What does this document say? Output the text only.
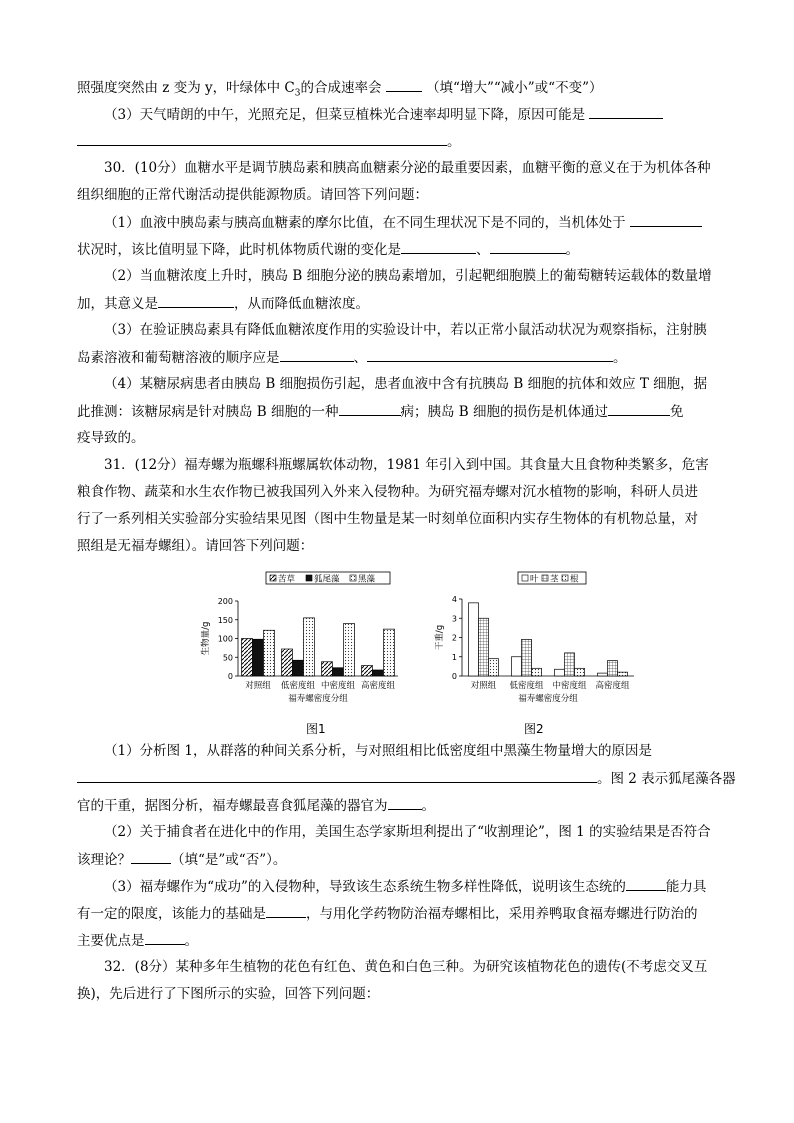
照强度突然由 z 变为 y，叶绿体中 $C_3$的合成速率会	（填“增大”“减小”或“不变”）
（3）天气晴朗的中午，光照充足，但菜豆植株光合速率却明显下降，原因可能是
。
30．(10分）血糖水平是调节胰岛素和胰高血糖素分泌的最重要因素，血糖平衡的意义在于为机体各种
组织细胞的正常代谢活动提供能源物质。请回答下列问题：
（1）血液中胰岛素与胰高血糖素的摩尔比值，在不同生理状况下是不同的，当机体处于
状况时，该比值明显下降，此时机体物质代谢的变化是	、	。
（2）当血糖浓度上升时，胰岛 B 细胞分泌的胰岛素增加，引起靶细胞膜上的葡萄糖转运载体的数量增
加，其意义是	，从而降低血糖浓度。
（3）在验证胰岛素具有降低血糖浓度作用的实验设计中，若以正常小鼠活动状况为观察指标，注射胰
岛素溶液和葡萄糖溶液的顺序应是	、	。
（4）某糖尿病患者由胰岛 B 细胞损伤引起，患者血液中含有抗胰岛 B 细胞的抗体和效应 T 细胞，据
此推测：该糖尿病是针对胰岛 B 细胞的一种	病；胰岛 B 细胞的损伤是机体通过	免
疫导致的。
31．(12分）福寿螺为瓶螺科瓶螺属软体动物，1981 年引入到中国。其食量大且食物种类繁多，危害
粮食作物、蔬菜和水生农作物已被我国列入外来入侵物种。为研究福寿螺对沉水植物的影响，科研人员进
行了一系列相关实验部分实验结果见图（图中生物量是某一时刻单位面积内实存生物体的有机物总量，对
照组是无福寿螺组）。请回答下列问题：
苦草 狐尾藻 黑藻
0
50
100
150
200
生物量/g
对照组 低密度组 中密度组 高密度组
福寿螺密度分组
图1
叶 茎 根
0
1
2
3
4
干重/g
对照组 低密度组 中密度组 高密度组
福寿螺密度分组
图2
（1）分析图 1，从群落的种间关系分析，与对照组相比低密度组中黑藻生物量增大的原因是
。图 2 表示狐尾藻各器
官的干重，据图分析，福寿螺最喜食狐尾藻的器官为	。
（2）关于捕食者在进化中的作用，美国生态学家斯坦利提出了“收割理论”，图 1 的实验结果是否符合
该理论？	（填“是”或“否”）。
（3）福寿螺作为“成功”的入侵物种，导致该生态系统生物多样性降低，说明该生态统的	能力具
有一定的限度，该能力的基础是	，与用化学药物防治福寿螺相比，采用养鸭取食福寿螺进行防治的
主要优点是	。
32．(8分）某种多年生植物的花色有红色、黄色和白色三种。为研究该植物花色的遗传(不考虑交叉互
换)，先后进行了下图所示的实验，回答下列问题：
